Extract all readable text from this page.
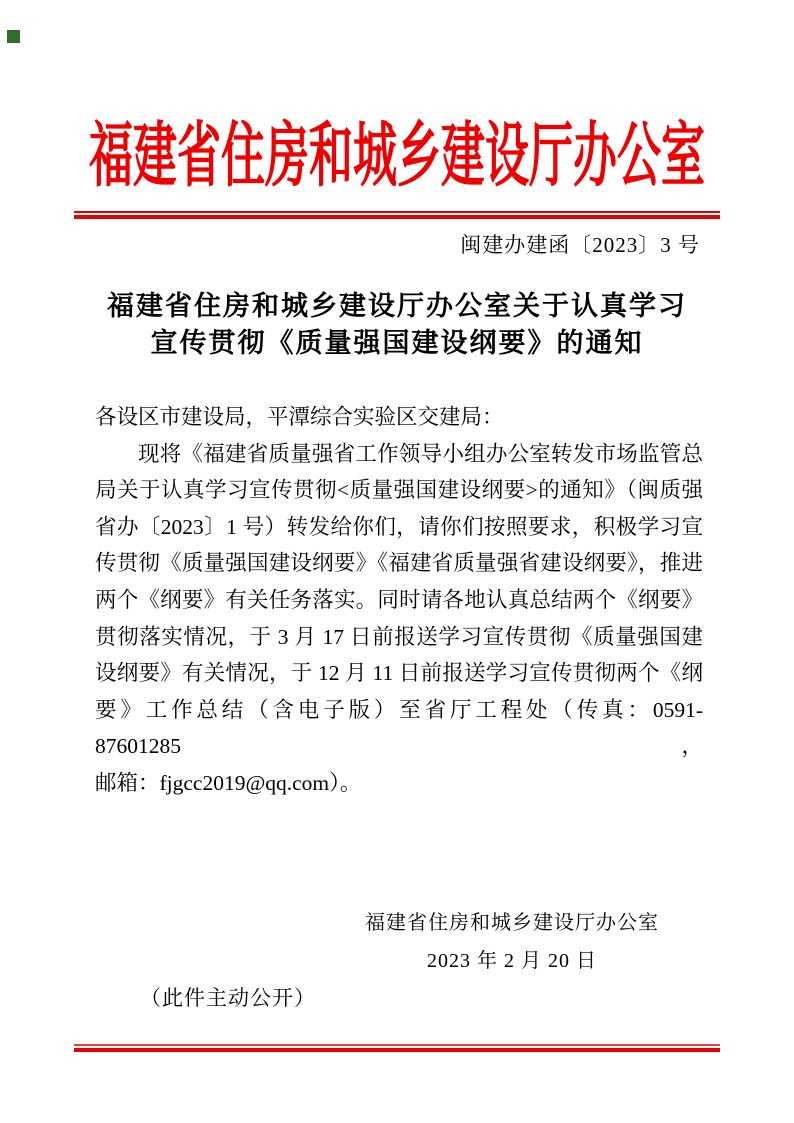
福建省住房和城乡建设厅办公室
闽建办建函〔2023〕3 号
福建省住房和城乡建设厅办公室关于认真学习
宣传贯彻《质量强国建设纲要》的通知
各设区市建设局，平潭综合实验区交建局：
现将《福建省质量强省工作领导小组办公室转发市场监管总
局关于认真学习宣传贯彻<质量强国建设纲要>的通知》（闽质强
省办〔2023〕1 号）转发给你们，请你们按照要求，积极学习宣
传贯彻《质量强国建设纲要》《福建省质量强省建设纲要》，推进
两个《纲要》有关任务落实。同时请各地认真总结两个《纲要》
贯彻落实情况，于 3 月 17 日前报送学习宣传贯彻《质量强国建
设纲要》有关情况，于 12 月 11 日前报送学习宣传贯彻两个《纲
要》工作总结（含电子版）至省厅工程处（传真：0591-87601285，
邮箱：fjgcc2019@qq.com）。
福建省住房和城乡建设厅办公室
2023 年 2 月 20 日
（此件主动公开）
